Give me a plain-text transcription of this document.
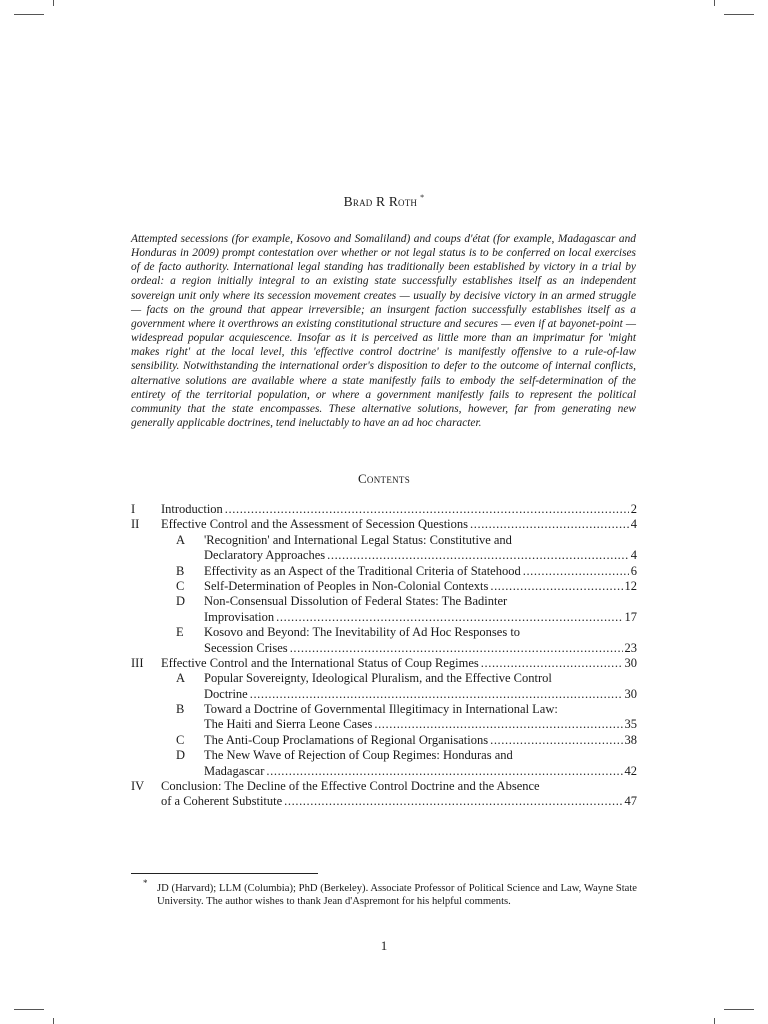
Brad R Roth *

Attempted secessions (for example, Kosovo and Somaliland) and coups d'état (for example, Madagascar and Honduras in 2009) prompt contestation over whether or not legal status is to be conferred on local exercises of de facto authority. International legal standing has traditionally been established by victory in a trial by ordeal: a region initially integral to an existing state successfully establishes itself as an independent sovereign unit only where its secession movement creates — usually by decisive victory in an armed struggle — facts on the ground that appear irreversible; an insurgent faction successfully establishes itself as a government where it overthrows an existing constitutional structure and secures — even if at bayonet-point —widespread popular acquiescence. Insofar as it is perceived as little more than an imprimatur for 'might makes right' at the local level, this 'effective control doctrine' is manifestly offensive to a rule-of-law sensibility. Notwithstanding the international order's disposition to defer to the outcome of internal conflicts, alternative solutions are available where a state manifestly fails to embody the self-determination of the entirety of the territorial population, or where a government manifestly fails to represent the political community that the state encompasses. These alternative solutions, however, far from generating new generally applicable doctrines, tend ineluctably to have an ad hoc character.

Contents
I	Introduction .....	2
II	Effective Control and the Assessment of Secession Questions .....	4
A	'Recognition' and International Legal Status: Constitutive and
Declaratory Approaches .....	4
B	Effectivity as an Aspect of the Traditional Criteria of Statehood .....	6
C	Self-Determination of Peoples in Non-Colonial Contexts .....	12
D	Non-Consensual Dissolution of Federal States: The Badinter
Improvisation .....	17
E	Kosovo and Beyond: The Inevitability of Ad Hoc Responses to
Secession Crises .....	23
III	Effective Control and the International Status of Coup Regimes .....	30
A	Popular Sovereignty, Ideological Pluralism, and the Effective Control
Doctrine .....	30
B	Toward a Doctrine of Governmental Illegitimacy in International Law:
The Haiti and Sierra Leone Cases .....	35
C	The Anti-Coup Proclamations of Regional Organisations .....	38
D	The New Wave of Rejection of Coup Regimes: Honduras and
Madagascar .....	42
IV	Conclusion: The Decline of the Effective Control Doctrine and the Absence
of a Coherent Substitute .....	47
* JD (Harvard); LLM (Columbia); PhD (Berkeley). Associate Professor of Political Science and Law, Wayne State University. The author wishes to thank Jean d'Aspremont for his helpful comments.

1
